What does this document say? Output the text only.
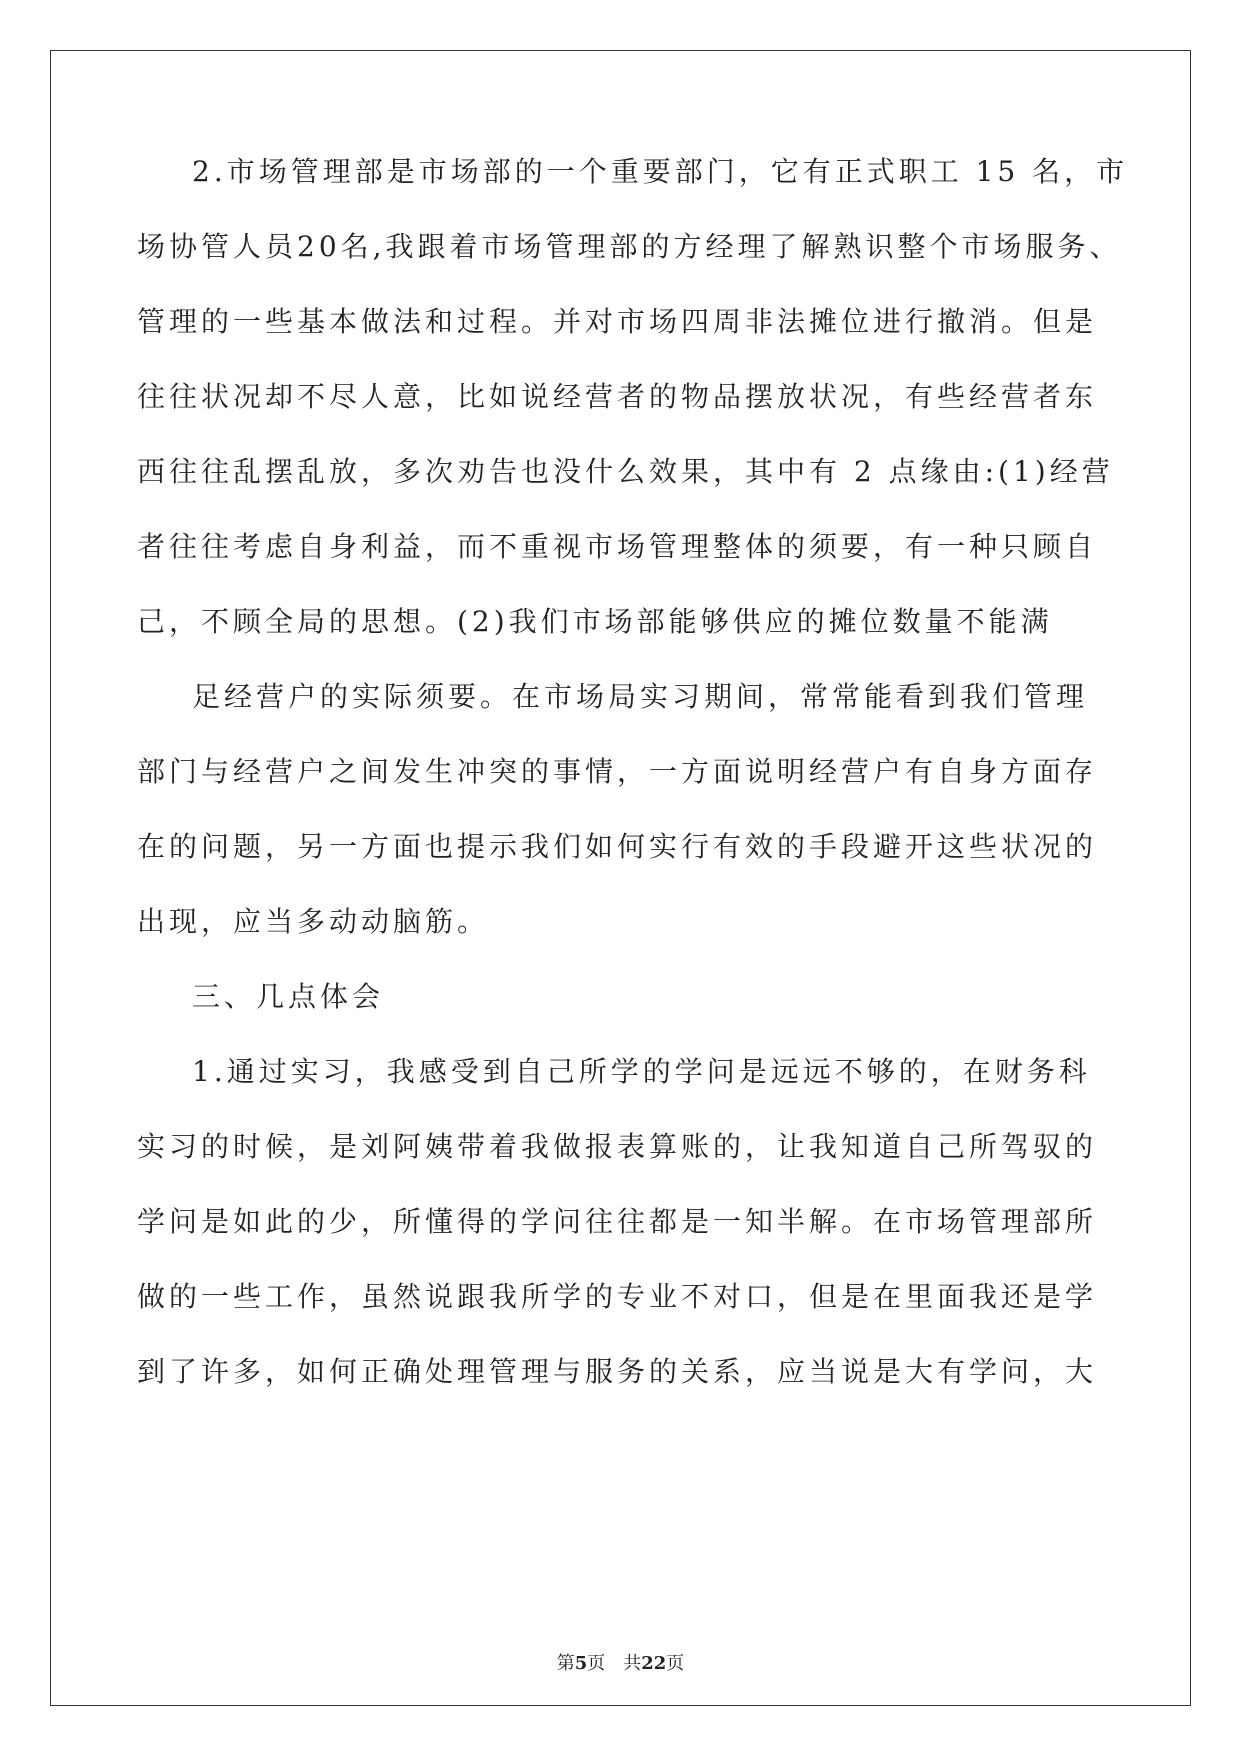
2.市场管理部是市场部的一个重要部门，它有正式职工 15 名，市
场协管人员20名,我跟着市场管理部的方经理了解熟识整个市场服务、
管理的一些基本做法和过程。并对市场四周非法摊位进行撤消。但是
往往状况却不尽人意，比如说经营者的物品摆放状况，有些经营者东
西往往乱摆乱放，多次劝告也没什么效果，其中有 2 点缘由:(1)经营
者往往考虑自身利益，而不重视市场管理整体的须要，有一种只顾自
己，不顾全局的思想。(2)我们市场部能够供应的摊位数量不能满
足经营户的实际须要。在市场局实习期间，常常能看到我们管理
部门与经营户之间发生冲突的事情，一方面说明经营户有自身方面存
在的问题，另一方面也提示我们如何实行有效的手段避开这些状况的
出现，应当多动动脑筋。
三、几点体会
1.通过实习，我感受到自己所学的学问是远远不够的，在财务科
实习的时候，是刘阿姨带着我做报表算账的，让我知道自己所驾驭的
学问是如此的少，所懂得的学问往往都是一知半解。在市场管理部所
做的一些工作，虽然说跟我所学的专业不对口，但是在里面我还是学
到了许多，如何正确处理管理与服务的关系，应当说是大有学问，大
第5页 共22页
